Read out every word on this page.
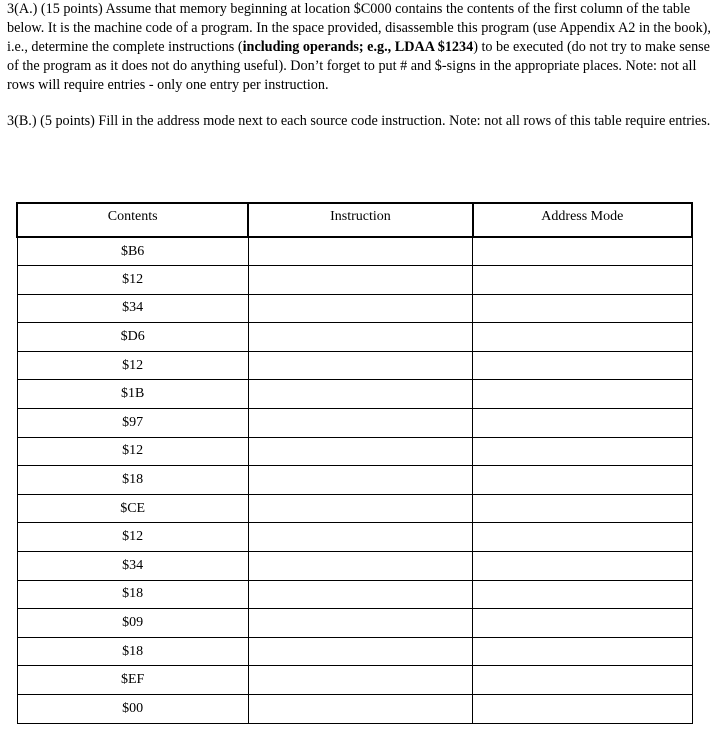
3(A.) (15 points) Assume that memory beginning at location $C000 contains the contents of the first column of the table below. It is the machine code of a program. In the space provided, disassemble this program (use Appendix A2 in the book), i.e., determine the complete instructions (including operands; e.g., LDAA $1234) to be executed (do not try to make sense of the program as it does not do anything useful). Don’t forget to put # and $-signs in the appropriate places. Note: not all rows will require entries - only one entry per instruction.

3(B.) (5 points) Fill in the address mode next to each source code instruction. Note: not all rows of this table require entries.

Contents	Instruction	Address Mode
$B6		
$12		
$34		
$D6		
$12		
$1B		
$97		
$12		
$18		
$CE		
$12		
$34		
$18		
$09		
$18		
$EF		
$00		
